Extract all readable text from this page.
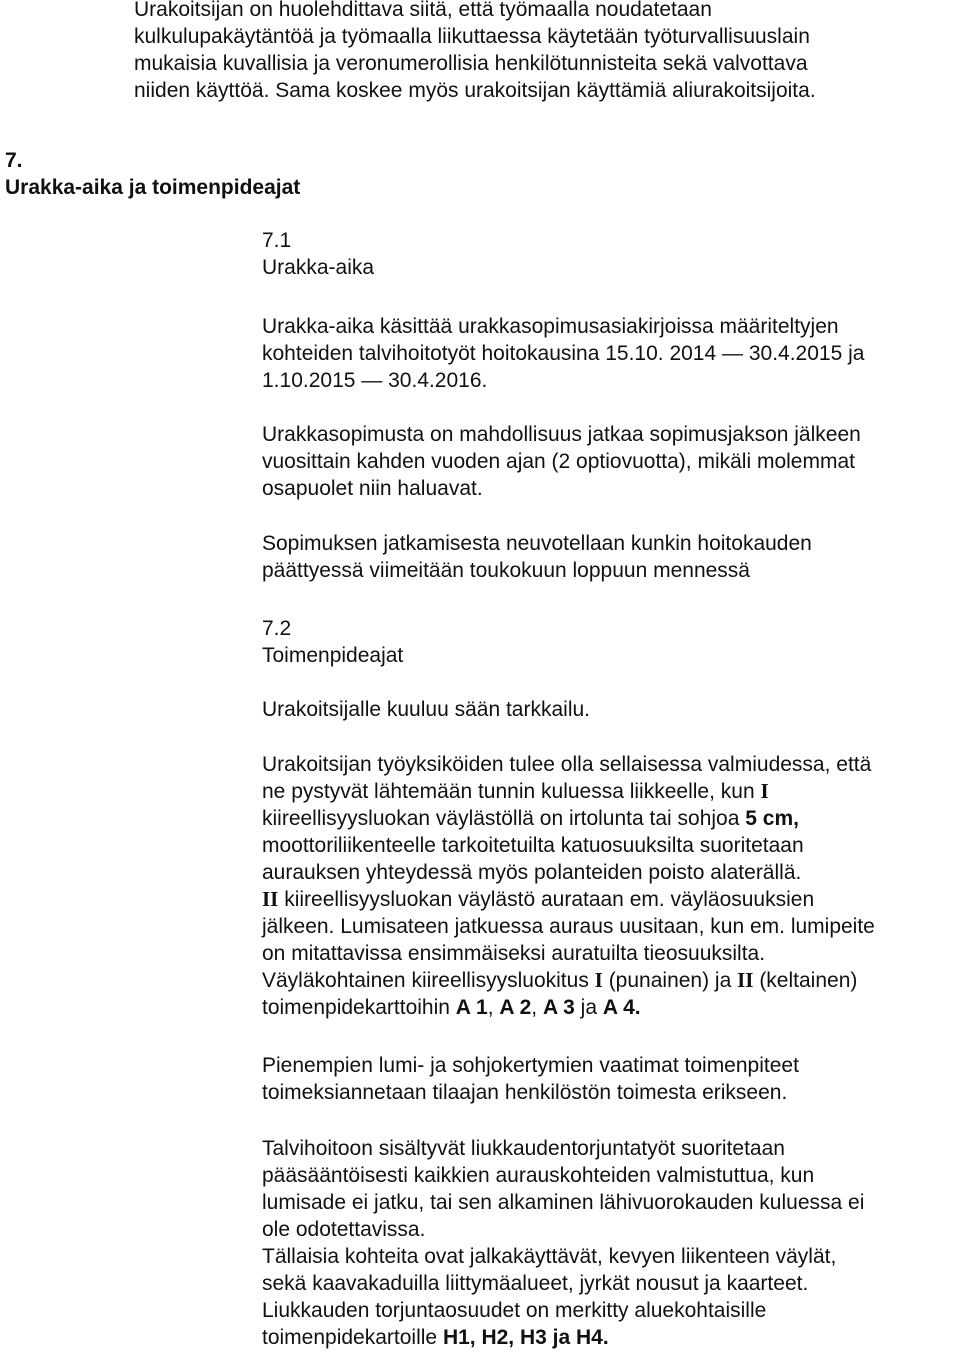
Urakoitsijan on huolehdittava siitä, että työmaalla noudatetaan

kulkulupakäytäntöä ja työmaalla liikuttaessa käytetään työturvallisuuslain

mukaisia kuvallisia ja veronumerollisia henkilötunnisteita sekä valvottava

niiden käyttöä. Sama koskee myös urakoitsijan käyttämiä aliurakoitsijoita.

7.

Urakka-aika ja toimenpideajat

7.1

Urakka-aika

Urakka-aika käsittää urakkasopimusasiakirjoissa määriteltyjen

kohteiden talvihoitotyöt hoitokausina 15.10. 2014 — 30.4.2015 ja

1.10.2015 — 30.4.2016.

Urakkasopimusta on mahdollisuus jatkaa sopimusjakson jälkeen

vuosittain kahden vuoden ajan (2 optiovuotta), mikäli molemmat

osapuolet niin haluavat.

Sopimuksen jatkamisesta neuvotellaan kunkin hoitokauden

päättyessä viimeitään toukokuun loppuun mennessä

7.2

Toimenpideajat

Urakoitsijalle kuuluu sään tarkkailu.

Urakoitsijan työyksiköiden tulee olla sellaisessa valmiudessa, että

ne pystyvät lähtemään tunnin kuluessa liikkeelle, kun I

kiireellisyysluokan väylästöllä on irtolunta tai sohjoa 5 cm,

moottoriliikenteelle tarkoitetuilta katuosuuksilta suoritetaan

aurauksen yhteydessä myös polanteiden poisto alaterällä.

II kiireellisyysluokan väylästö aurataan em. väyläosuuksien

jälkeen. Lumisateen jatkuessa auraus uusitaan, kun em. lumipeite

on mitattavissa ensimmäiseksi auratuilta tieosuuksilta.

Väyläkohtainen kiireellisyysluokitus I (punainen) ja II (keltainen)

toimenpidekarttoihin A 1, A 2, A 3 ja A 4.

Pienempien lumi- ja sohjokertymien vaatimat toimenpiteet

toimeksiannetaan tilaajan henkilöstön toimesta erikseen.

Talvihoitoon sisältyvät liukkaudentorjuntatyöt suoritetaan

pääsääntöisesti kaikkien aurauskohteiden valmistuttua, kun

lumisade ei jatku, tai sen alkaminen lähivuorokauden kuluessa ei

ole odotettavissa.

Tällaisia kohteita ovat jalkakäyttävät, kevyen liikenteen väylät,

sekä kaavakaduilla liittymäalueet, jyrkät nousut ja kaarteet.

Liukkauden torjuntaosuudet on merkitty aluekohtaisille

toimenpidekartoille H1, H2, H3 ja H4.
